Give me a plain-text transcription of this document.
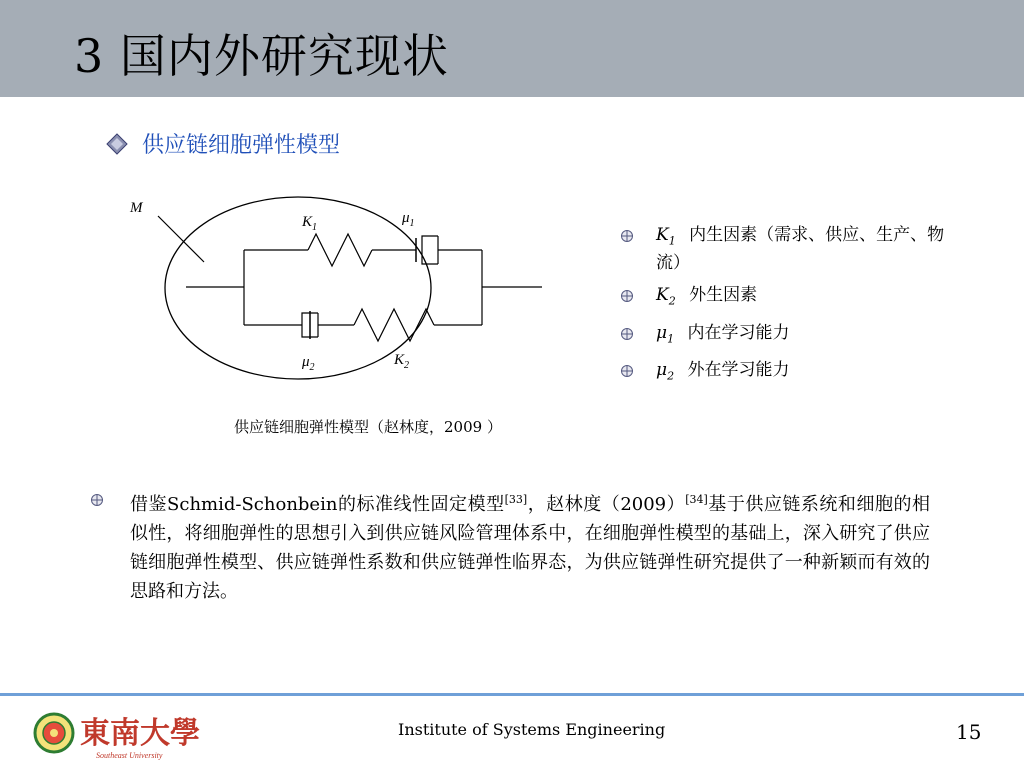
3 国内外研究现状
供应链细胞弹性模型
M
$K_1$
$\mu_1$
$\mu_2$	$K_2$
供应链细胞弹性模型（赵林度，2009 ）
$K_1$ 内生因素（需求、供应、生产、物流）
$K_2$ 外生因素
$\mu_1$ 内在学习能力
$\mu_2$ 外在学习能力
借鉴Schmid-Schonbein的标准线性固定模型[33]，赵林度（2009）[34]基于供应链系统和细胞的相似性，将细胞弹性的思想引入到供应链风险管理体系中，在细胞弹性模型的基础上，深入研究了供应链细胞弹性模型、供应链弹性系数和供应链弹性临界态，为供应链弹性研究提供了一种新颖而有效的思路和方法。
東南大學
Southeast University
Institute of Systems Engineering	15
